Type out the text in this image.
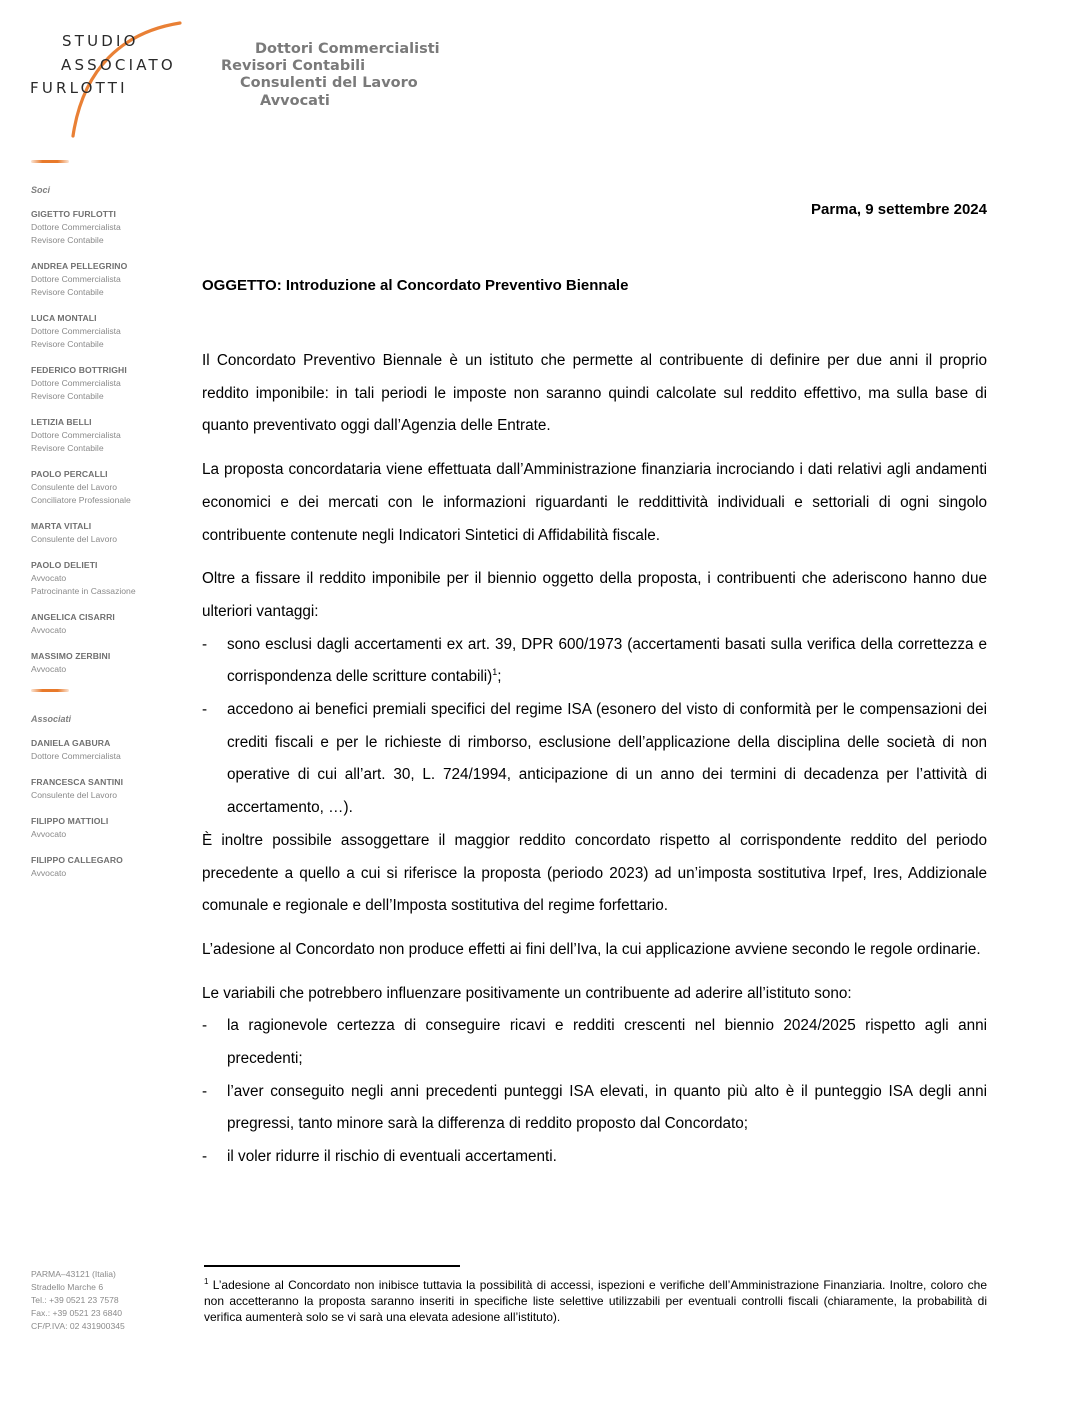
STUDIO
ASSOCIATO
FURLOTTI
Dottori Commercialisti
Revisori Contabili
Consulenti del Lavoro
Avvocati
Soci
GIGETTO FURLOTTI
Dottore Commercialista
Revisore Contabile
ANDREA PELLEGRINO
Dottore Commercialista
Revisore Contabile
LUCA MONTALI
Dottore Commercialista
Revisore Contabile
FEDERICO BOTTRIGHI
Dottore Commercialista
Revisore Contabile
LETIZIA BELLI
Dottore Commercialista
Revisore Contabile
PAOLO PERCALLI
Consulente del Lavoro
Conciliatore Professionale
MARTA VITALI
Consulente del Lavoro
PAOLO DELIETI
Avvocato
Patrocinante in Cassazione
ANGELICA CISARRI
Avvocato
MASSIMO ZERBINI
Avvocato
Associati
DANIELA GABURA
Dottore Commercialista
FRANCESCA SANTINI
Consulente del Lavoro
FILIPPO MATTIOLI
Avvocato
FILIPPO CALLEGARO
Avvocato
PARMA–43121 (Italia)
Stradello Marche 6
Tel.: +39 0521 23 7578
Fax.: +39 0521 23 6840
CF/P.IVA: 02 431900345
Parma, 9 settembre 2024
OGGETTO: Introduzione al Concordato Preventivo Biennale

Il Concordato Preventivo Biennale è un istituto che permette al contribuente di definire per due anni il proprio reddito imponibile: in tali periodi le imposte non saranno quindi calcolate sul reddito effettivo, ma sulla base di quanto preventivato oggi dall’Agenzia delle Entrate.

La proposta concordataria viene effettuata dall’Amministrazione finanziaria incrociando i dati relativi agli andamenti economici e dei mercati con le informazioni riguardanti le reddittività individuali e settoriali di ogni singolo contribuente contenute negli Indicatori Sintetici di Affidabilità fiscale.

Oltre a fissare il reddito imponibile per il biennio oggetto della proposta, i contribuenti che aderiscono hanno due ulteriori vantaggi:

- sono esclusi dagli accertamenti ex art. 39, DPR 600/1973 (accertamenti basati sulla verifica della correttezza e corrispondenza delle scritture contabili)$^1$;
- accedono ai benefici premiali specifici del regime ISA (esonero del visto di conformità per le compensazioni dei crediti fiscali e per le richieste di rimborso, esclusione dell’applicazione della disciplina delle società di non operative di cui all’art. 30, L. 724/1994, anticipazione di un anno dei termini di decadenza per l’attività di accertamento, …).

È inoltre possibile assoggettare il maggior reddito concordato rispetto al corrispondente reddito del periodo precedente a quello a cui si riferisce la proposta (periodo 2023) ad un’imposta sostitutiva Irpef, Ires, Addizionale comunale e regionale e dell’Imposta sostitutiva del regime forfettario.

L’adesione al Concordato non produce effetti ai fini dell’Iva, la cui applicazione avviene secondo le regole ordinarie.

Le variabili che potrebbero influenzare positivamente un contribuente ad aderire all’istituto sono:

- la ragionevole certezza di conseguire ricavi e redditi crescenti nel biennio 2024/2025 rispetto agli anni precedenti;
- l’aver conseguito negli anni precedenti punteggi ISA elevati, in quanto più alto è il punteggio ISA degli anni pregressi, tanto minore sarà la differenza di reddito proposto dal Concordato;
- il voler ridurre il rischio di eventuali accertamenti.
$^1$ L’adesione al Concordato non inibisce tuttavia la possibilità di accessi, ispezioni e verifiche dell’Amministrazione Finanziaria. Inoltre, coloro che non accetteranno la proposta saranno inseriti in specifiche liste selettive utilizzabili per eventuali controlli fiscali (chiaramente, la probabilità di verifica aumenterà solo se vi sarà una elevata adesione all’istituto).
